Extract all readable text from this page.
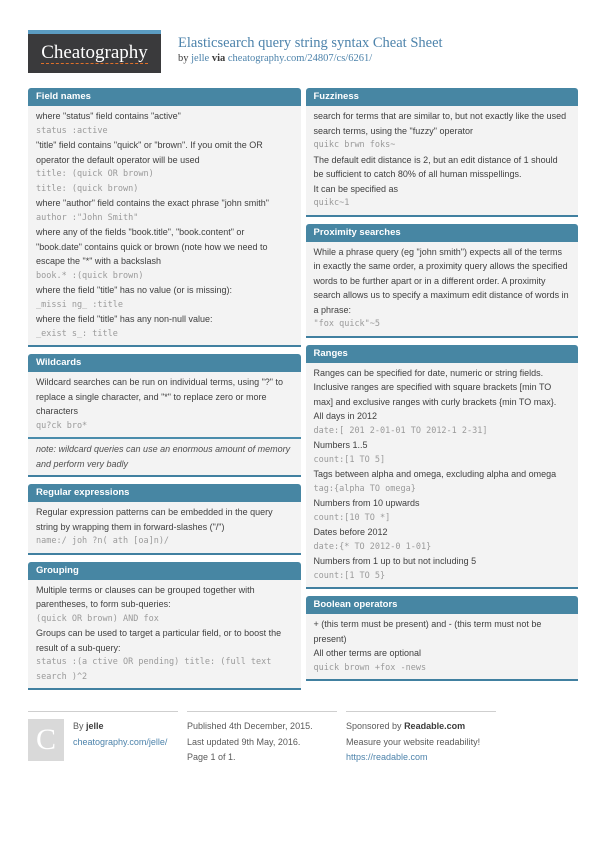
Cheatography Elasticsearch query string syntax Cheat Sheet
by jelle via cheatography.com/24807/cs/6261/
Field names
where "status" field contains "active"
status :active
"title" field contains "quick" or "brown". If you omit the OR operator the default operator will be used
title: (quick OR brown)
title: (quick brown)
where "author" field contains the exact phrase "john smith"
author :"John Smith"
where any of the fields "book.title", "book.content" or "book.date" contains quick or brown (note how we need to escape the "*" with a backslash
book.* :(quick brown)
where the field "title" has no value (or is missing):
_missi ng_ :title
where the field "title" has any non-null value:
_exist s_: title
Wildcards
Wildcard searches can be run on individual terms, using "?" to replace a single character, and "*" to replace zero or more characters
qu?ck bro*
note: wildcard queries can use an enormous amount of memory and perform very badly
Regular expressions
Regular expression patterns can be embedded in the query string by wrapping them in forward-slashes ("/")
name:/ joh ?n( ath [oa]n)/
Grouping
Multiple terms or clauses can be grouped together with parentheses, to form sub-queries:
(quick OR brown) AND fox
Groups can be used to target a particular field, or to boost the result of a sub-query:
status :(a ctive OR pending) title: (full text search )^2
Fuzziness
search for terms that are similar to, but not exactly like the used search terms, using the "fuzzy" operator
quikc brwn foks~
The default edit distance is 2, but an edit distance of 1 should be sufficient to catch 80% of all human misspellings.
It can be specified as
quikc~1
Proximity searches
While a phrase query (eg "john smith") expects all of the terms in exactly the same order, a proximity query allows the specified words to be further apart or in a different order. A proximity search allows us to specify a maximum edit distance of words in a phrase:
"fox quick"~5
Ranges
Ranges can be specified for date, numeric or string fields. Inclusive ranges are specified with square brackets [min TO max] and exclusive ranges with curly brackets {min TO max}.
All days in 2012
date:[ 201 2-01-01 TO 2012-1 2-31]
Numbers 1..5
count:[1 TO 5]
Tags between alpha and omega, excluding alpha and omega
tag:{alpha TO omega}
Numbers from 10 upwards
count:[10 TO *]
Dates before 2012
date:{* TO 2012-0 1-01}
Numbers from 1 up to but not including 5
count:[1 TO 5}
Boolean operators
+ (this term must be present) and - (this term must not be present)
All other terms are optional
quick brown +fox -news
C By jelle
cheatography.com/jelle/
Published 4th December, 2015.
Last updated 9th May, 2016.
Page 1 of 1.
Sponsored by Readable.com
Measure your website readability!
https://readable.com
